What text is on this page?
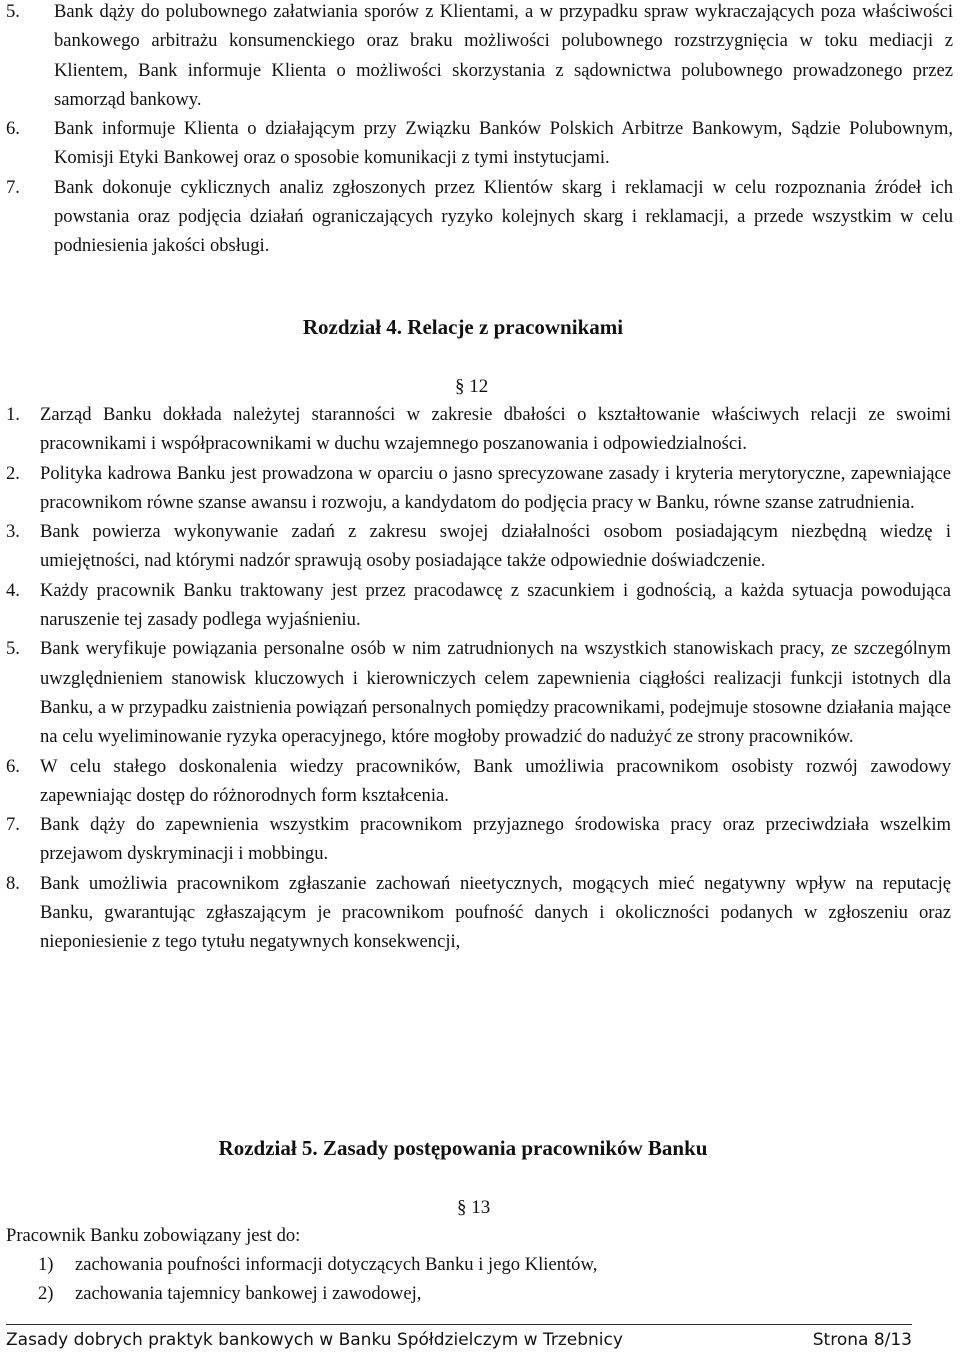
5. Bank dąży do polubownego załatwiania sporów z Klientami, a w przypadku spraw wykraczających poza właściwości bankowego arbitrażu konsumenckiego oraz braku możliwości polubownego rozstrzygnięcia w toku mediacji z Klientem, Bank informuje Klienta o możliwości skorzystania z sądownictwa polubownego prowadzonego przez samorząd bankowy.
6. Bank informuje Klienta o działającym przy Związku Banków Polskich Arbitrze Bankowym, Sądzie Polubownym, Komisji Etyki Bankowej oraz o sposobie komunikacji z tymi instytucjami.
7. Bank dokonuje cyklicznych analiz zgłoszonych przez Klientów skarg i reklamacji w celu rozpoznania źródeł ich powstania oraz podjęcia działań ograniczających ryzyko kolejnych skarg i reklamacji, a przede wszystkim w celu podniesienia jakości obsługi.
Rozdział 4. Relacje z pracownikami
§ 12
1. Zarząd Banku dokłada należytej staranności w zakresie dbałości o kształtowanie właściwych relacji ze swoimi pracownikami i współpracownikami w duchu wzajemnego poszanowania i odpowiedzialności.
2. Polityka kadrowa Banku jest prowadzona w oparciu o jasno sprecyzowane zasady i kryteria merytoryczne, zapewniające pracownikom równe szanse awansu i rozwoju, a kandydatom do podjęcia pracy w Banku, równe szanse zatrudnienia.
3. Bank powierza wykonywanie zadań z zakresu swojej działalności osobom posiadającym niezbędną wiedzę i umiejętności, nad którymi nadzór sprawują osoby posiadające także odpowiednie doświadczenie.
4. Każdy pracownik Banku traktowany jest przez pracodawcę z szacunkiem i godnością, a każda sytuacja powodująca naruszenie tej zasady podlega wyjaśnieniu.
5. Bank weryfikuje powiązania personalne osób w nim zatrudnionych na wszystkich stanowiskach pracy, ze szczególnym uwzględnieniem stanowisk kluczowych i kierowniczych celem zapewnienia ciągłości realizacji funkcji istotnych dla Banku, a w przypadku zaistnienia powiązań personalnych pomiędzy pracownikami, podejmuje stosowne działania mające na celu wyeliminowanie ryzyka operacyjnego, które mogłoby prowadzić do nadużyć ze strony pracowników.
6. W celu stałego doskonalenia wiedzy pracowników, Bank umożliwia pracownikom osobisty rozwój zawodowy zapewniając dostęp do różnorodnych form kształcenia.
7. Bank dąży do zapewnienia wszystkim pracownikom przyjaznego środowiska pracy oraz przeciwdziała wszelkim przejawom dyskryminacji i mobbingu.
8. Bank umożliwia pracownikom zgłaszanie zachowań nieetycznych, mogących mieć negatywny wpływ na reputację Banku, gwarantując zgłaszającym je pracownikom poufność danych i okoliczności podanych w zgłoszeniu oraz nieponiesienie z tego tytułu negatywnych konsekwencji,
Rozdział 5. Zasady postępowania pracowników Banku
§ 13
Pracownik Banku zobowiązany jest do:
1) zachowania poufności informacji dotyczących Banku i jego Klientów,
2) zachowania tajemnicy bankowej i zawodowej,
Zasady dobrych praktyk bankowych w Banku Spółdzielczym w Trzebnicy	Strona 8/13
